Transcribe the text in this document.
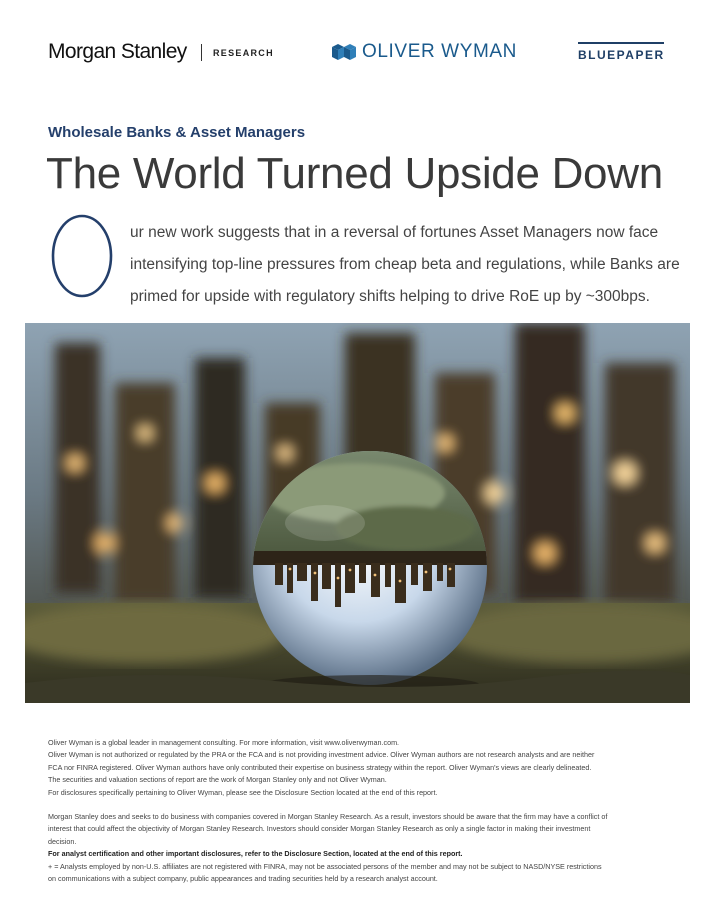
Morgan Stanley	RESEARCH	OLIVER WYMAN	BLUEPAPER
Wholesale Banks & Asset Managers
The World Turned Upside Down
O

ur new work suggests that in a reversal of fortunes Asset Managers now face
intensifying top-line pressures from cheap beta and regulations, while Banks are
primed for upside with regulatory shifts helping to drive RoE up by ~300bps.

Oliver Wyman is a global leader in management consulting. For more information, visit www.oliverwyman.com.

Oliver Wyman is not authorized or regulated by the PRA or the FCA and is not providing investment advice. Oliver Wyman authors are not research analysts and are neither

FCA nor FINRA registered. Oliver Wyman authors have only contributed their expertise on business strategy within the report. Oliver Wyman's views are clearly delineated.

The securities and valuation sections of report are the work of Morgan Stanley only and not Oliver Wyman.

For disclosures specifically pertaining to Oliver Wyman, please see the Disclosure Section located at the end of this report.

Morgan Stanley does and seeks to do business with companies covered in Morgan Stanley Research. As a result, investors should be aware that the firm may have a conflict of

interest that could affect the objectivity of Morgan Stanley Research. Investors should consider Morgan Stanley Research as only a single factor in making their investment

decision.

For analyst certification and other important disclosures, refer to the Disclosure Section, located at the end of this report.

+ = Analysts employed by non-U.S. affiliates are not registered with FINRA, may not be associated persons of the member and may not be subject to NASD/NYSE restrictions

on communications with a subject company, public appearances and trading securities held by a research analyst account.
